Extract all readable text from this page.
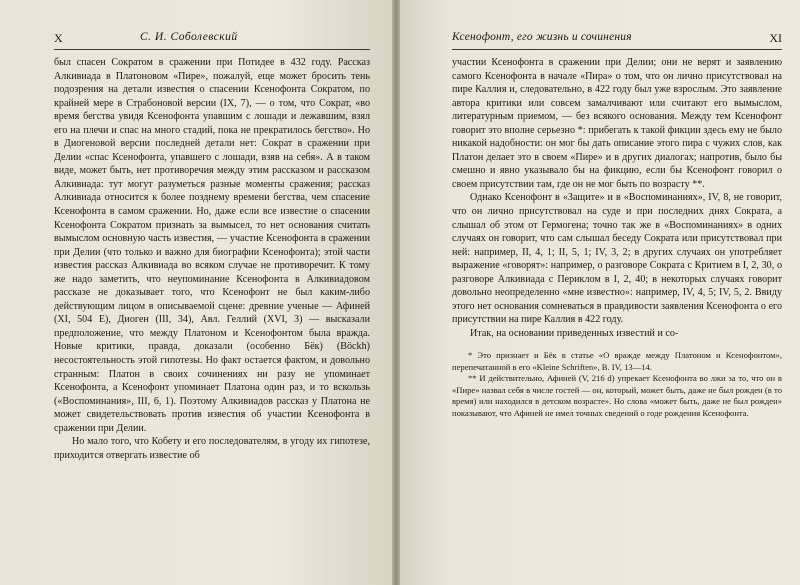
X	С. И. Соболевский

был спасен Сократом в сражении при Потидее в 432 году. Рассказ Алкивиада в Платоновом «Пире», пожалуй, еще может бросить тень подозрения на детали известия о спасении Ксенофонта Сократом, по крайней мере в Страбоновой версии (IX, 7), — о том, что Сократ, «во время бегства увидя Ксенофонта упавшим с лошади и лежавшим, взял его на плечи и спас на много стадий, пока не прекратилось бегство». Но в Диогеновой версии последней детали нет: Сократ в сражении при Делии «спас Ксенофонта, упавшего с лошади, взяв на себя». А в таком виде, может быть, нет противоречия между этим рассказом и рассказом Алкивиада: тут могут разуметься разные моменты сражения; рассказ Алкивиада относится к более позднему времени бегства, чем спасение Ксенофонта в самом сражении. Но, даже если все известие о спасении Ксенофонта Сократом признать за вымысел, то нет основания считать вымыслом основную часть известия, — участие Ксенофонта в сражении при Делии (что только и важно для биографии Ксенофонта); этой части известия рассказ Алкивиада во всяком случае не противоречит. К тому же надо заметить, что неупоминание Ксенофонта в Алкивиадовом рассказе не доказывает того, что Ксенофонт не был каким-либо действующим лицом в описываемой сцене: древние ученые — Афиней (XI, 504 E), Диоген (III, 34), Авл. Геллий (XVI, 3) — высказали предположение, что между Платоном и Ксенофонтом была вражда. Новые критики, правда, доказали (особенно Бёк) (Böckh) несостоятельность этой гипотезы. Но факт остается фактом, и довольно странным: Платон в своих сочинениях ни разу не упоминает Ксенофонта, а Ксенофонт упоминает Платона один раз, и то вскользь («Воспоминания», III, 6, 1). Поэтому Алкивиадов рассказ у Платона не может свидетельствовать против известия об участии Ксенофонта в сражении при Делии.

Но мало того, что Кобету и его последователям, в угоду их гипотезе, приходится отвергать известие об

Ксенофонт, его жизнь и сочинения	XI

участии Ксенофонта в сражении при Делии; они не верят и заявлению самого Ксенофонта в начале «Пира» о том, что он лично присутствовал на пире Каллия и, следовательно, в 422 году был уже взрослым. Это заявление автора критики или совсем замалчивают или считают его вымыслом, литературным приемом, — без всякого основания. Между тем Ксенофонт говорит это вполне серьезно *: прибегать к такой фикции здесь ему не было никакой надобности: он мог бы дать описание этого пира с чужих слов, как Платон делает это в своем «Пире» и в других диалогах; напротив, было бы смешно и явно указывало бы на фикцию, если бы Ксенофонт говорил о своем присутствии там, где он не мог быть по возрасту **.

Однако Ксенофонт в «Защите» и в «Воспоминаниях», IV, 8, не говорит, что он лично присутствовал на суде и при последних днях Сократа, а слышал об этом от Гермогена; точно так же в «Воспоминаниях» в одних случаях он говорит, что сам слышал беседу Сократа или присутствовал при ней: например, II, 4, 1; II, 5, 1; IV, 3, 2; в других случаях он употребляет выражение «говорят»: например, о разговоре Сократа с Критием в I, 2, 30, о разговоре Алкивиада с Периклом в I, 2, 40; в некоторых случаях говорит довольно неопределенно «мне известно»: например, IV, 4, 5; IV, 5, 2. Ввиду этого нет основания сомневаться в правдивости заявления Ксенофонта о его присутствии на пире Каллия в 422 году.

Итак, на основании приведенных известий и со-

* Это признает и Бёк в статье «О вражде между Платоном и Ксенофонтом», перепечатанной в его «Kleine Schriften», B. IV, 13—14.

** И действительно, Афиней (V, 216 d) упрекает Ксенофонта во лжи за то, что он в «Пире» назвал себя в числе гостей — он, который, может быть, даже не был рожден (в то время) или находился в детском возрасте». Но слова «может быть, даже не был рожден» показывают, что Афиней не имел точных сведений о годе рождения Ксенофонта.
